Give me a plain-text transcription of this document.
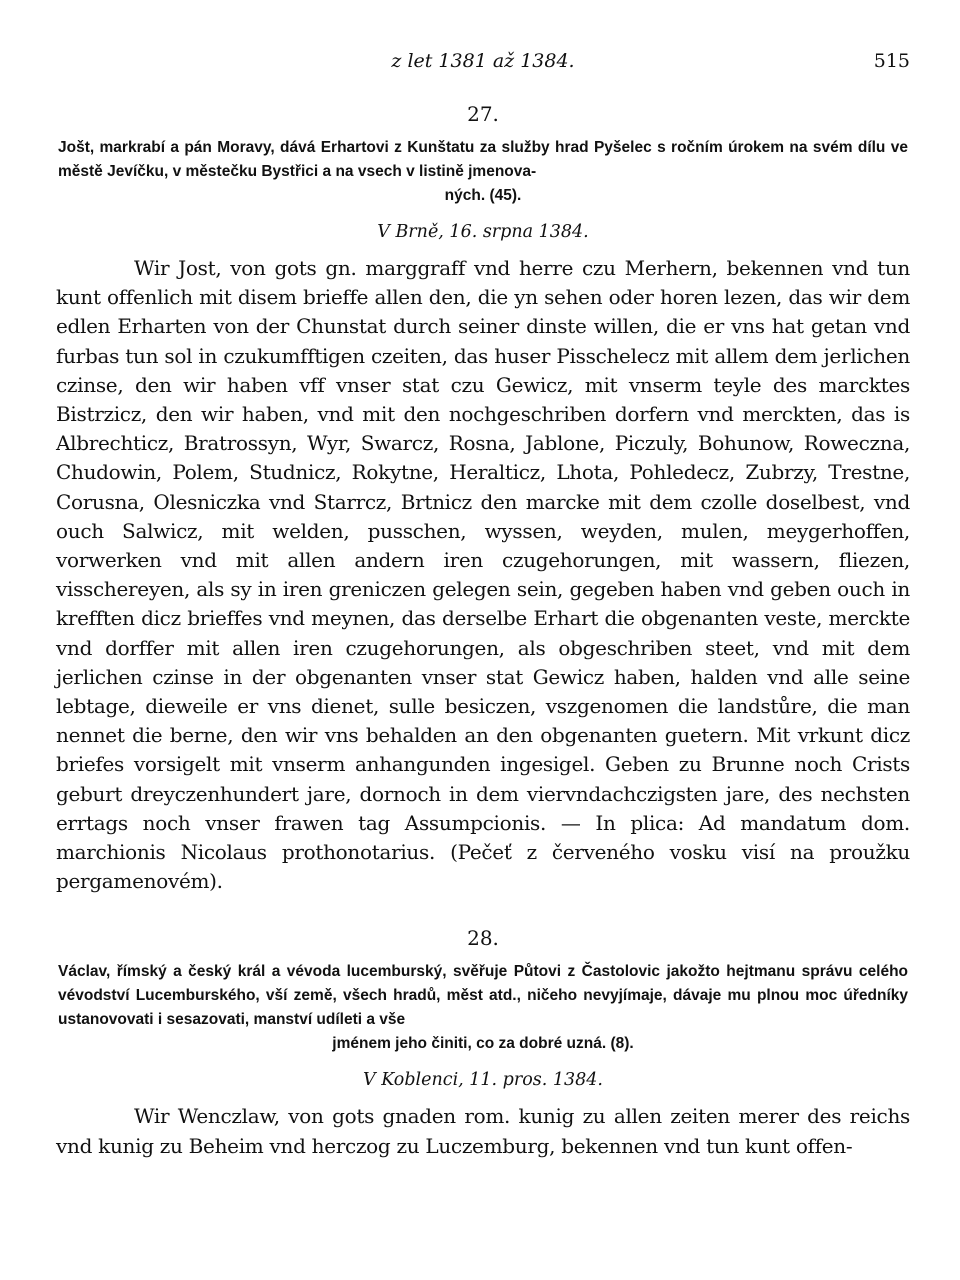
z let 1381 až 1384.	515
27.
Jošt, markrabí a pán Moravy, dává Erhartovi z Kunštatu za služby hrad Pyšelec s ročním úrokem na svém dílu ve městě Jevíčku, v městečku Bystřici a na vsech v listině jmenova-
ných. (45).
V Brně, 16. srpna 1384.
Wir Jost, von gots gn. marggraff vnd herre czu Merhern, bekennen vnd tun kunt offenlich mit disem brieffe allen den, die yn sehen oder horen lezen, das wir dem edlen Erharten von der Chunstat durch seiner dinste willen, die er vns hat getan vnd furbas tun sol in czukumfftigen czeiten, das huser Pisschelecz mit allem dem jerlichen czinse, den wir haben vff vnser stat czu Gewicz, mit vnserm teyle des marcktes Bistrzicz, den wir haben, vnd mit den nochgeschriben dorfern vnd merckten, das is Albrechticz, Bratrossyn, Wyr, Swarcz, Rosna, Jablone, Piczuly, Bohunow, Roweczna, Chudowin, Polem, Studnicz, Rokytne, Heralticz, Lhota, Pohledecz, Zubrzy, Trestne, Corusna, Olesniczka vnd Starrcz, Brtnicz den marcke mit dem czolle doselbest, vnd ouch Salwicz, mit welden, pusschen, wyssen, weyden, mulen, meygerhoffen, vorwerken vnd mit allen andern iren czugehorungen, mit wassern, fliezen, visschereyen, als sy in iren greniczen gelegen sein, gegeben haben vnd geben ouch in krefften dicz brieffes vnd meynen, das derselbe Erhart die obgenanten veste, merckte vnd dorffer mit allen iren czugehorungen, als obgeschriben steet, vnd mit dem jerlichen czinse in der obgenanten vnser stat Gewicz haben, halden vnd alle seine lebtage, dieweile er vns dienet, sulle besiczen, vszgenomen die landstůre, die man nennet die berne, den wir vns behalden an den obgenanten guetern. Mit vrkunt dicz briefes vorsigelt mit vnserm anhangunden ingesigel. Geben zu Brunne noch Crists geburt dreyczenhundert jare, dornoch in dem viervndachczigsten jare, des nechsten errtags noch vnser frawen tag Assumpcionis. — In plica: Ad mandatum dom. marchionis Nicolaus prothonotarius. (Pečeť z červeného vosku visí na proužku pergamenovém).
28.
Václav, římský a český král a vévoda lucemburský, svěřuje Půtovi z Častolovic jakožto hejtmanu správu celého vévodství Lucemburského, vší země, všech hradů, měst atd., ničeho nevyjímaje, dávaje mu plnou moc úředníky ustanovovati i sesazovati, manství udíleti a vše
jménem jeho činiti, co za dobré uzná. (8).
V Koblenci, 11. pros. 1384.
Wir Wenczlaw, von gots gnaden rom. kunig zu allen zeiten merer des reichs vnd kunig zu Beheim vnd herczog zu Luczemburg, bekennen vnd tun kunt offen-
